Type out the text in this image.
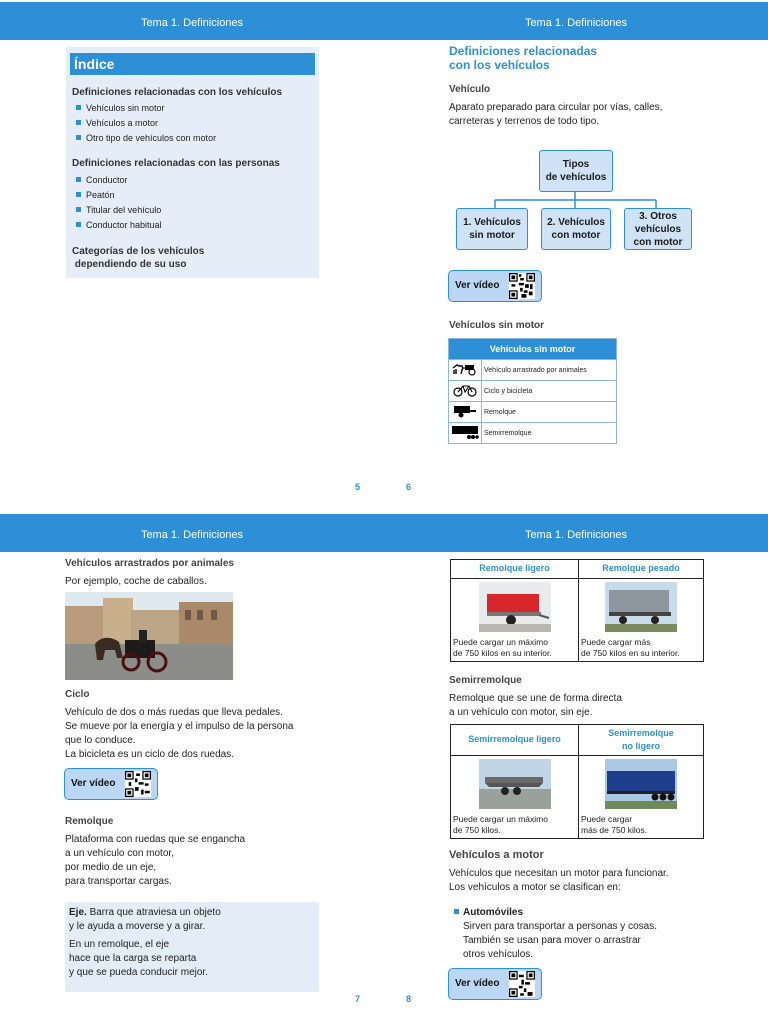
Tema 1. Definiciones
Índice
Definiciones relacionadas con los vehículos
Vehículos sin motor
Vehículos a motor
Otro tipo de vehículos con motor
Definiciones relacionadas con las personas
Conductor
Peatón
Titular del vehículo
Conductor habitual
Categorías de los vehículos
dependiendo de su uso
5
Tema 1. Definiciones
Definiciones relacionadas
con los vehículos
Vehículo
Aparato preparado para circular por vías, calles,
carreteras y terrenos de todo tipo.
Tipos
de vehículos
1. Vehículos
sin motor
2. Vehículos
con motor
3. Otros
vehículos
con motor
Ver vídeo
Vehículos sin motor
Vehículos sin motor	
	Vehículo arrastrado por animales
	Ciclo y bicicleta
	Remolque
	Semirremolque
6
Tema 1. Definiciones
Vehículos arrastrados por animales
Por ejemplo, coche de caballos.
Ciclo
Vehículo de dos o más ruedas que lleva pedales.
Se mueve por la energía y el impulso de la persona
que lo conduce.
La bicicleta es un ciclo de dos ruedas.
Ver vídeo
Remolque
Plataforma con ruedas que se engancha
a un vehículo con motor,
por medio de un eje,
para transportar cargas.
Eje. Barra que atraviesa un objeto
y le ayuda a moverse y a girar.
En un remolque, el eje
hace que la carga se reparta
y que se pueda conducir mejor.
7
Tema 1. Definiciones
Remolque ligero	Remolque pesado

Puede cargar un máximo
de 750 kilos en su interior.	Puede cargar más
de 750 kilos en su interior.
Semirremolque
Remolque que se une de forma directa
a un vehículo con motor, sin eje.
Semirremolque ligero	Semirremolque
no ligero

Puede cargar un máximo
de 750 kilos.	Puede cargar
más de 750 kilos.
Vehículos a motor
Vehículos que necesitan un motor para funcionar.
Los vehículos a motor se clasifican en:
Automóviles
Sirven para transportar a personas y cosas.
También se usan para mover o arrastrar
otros vehículos.
Ver vídeo
8
